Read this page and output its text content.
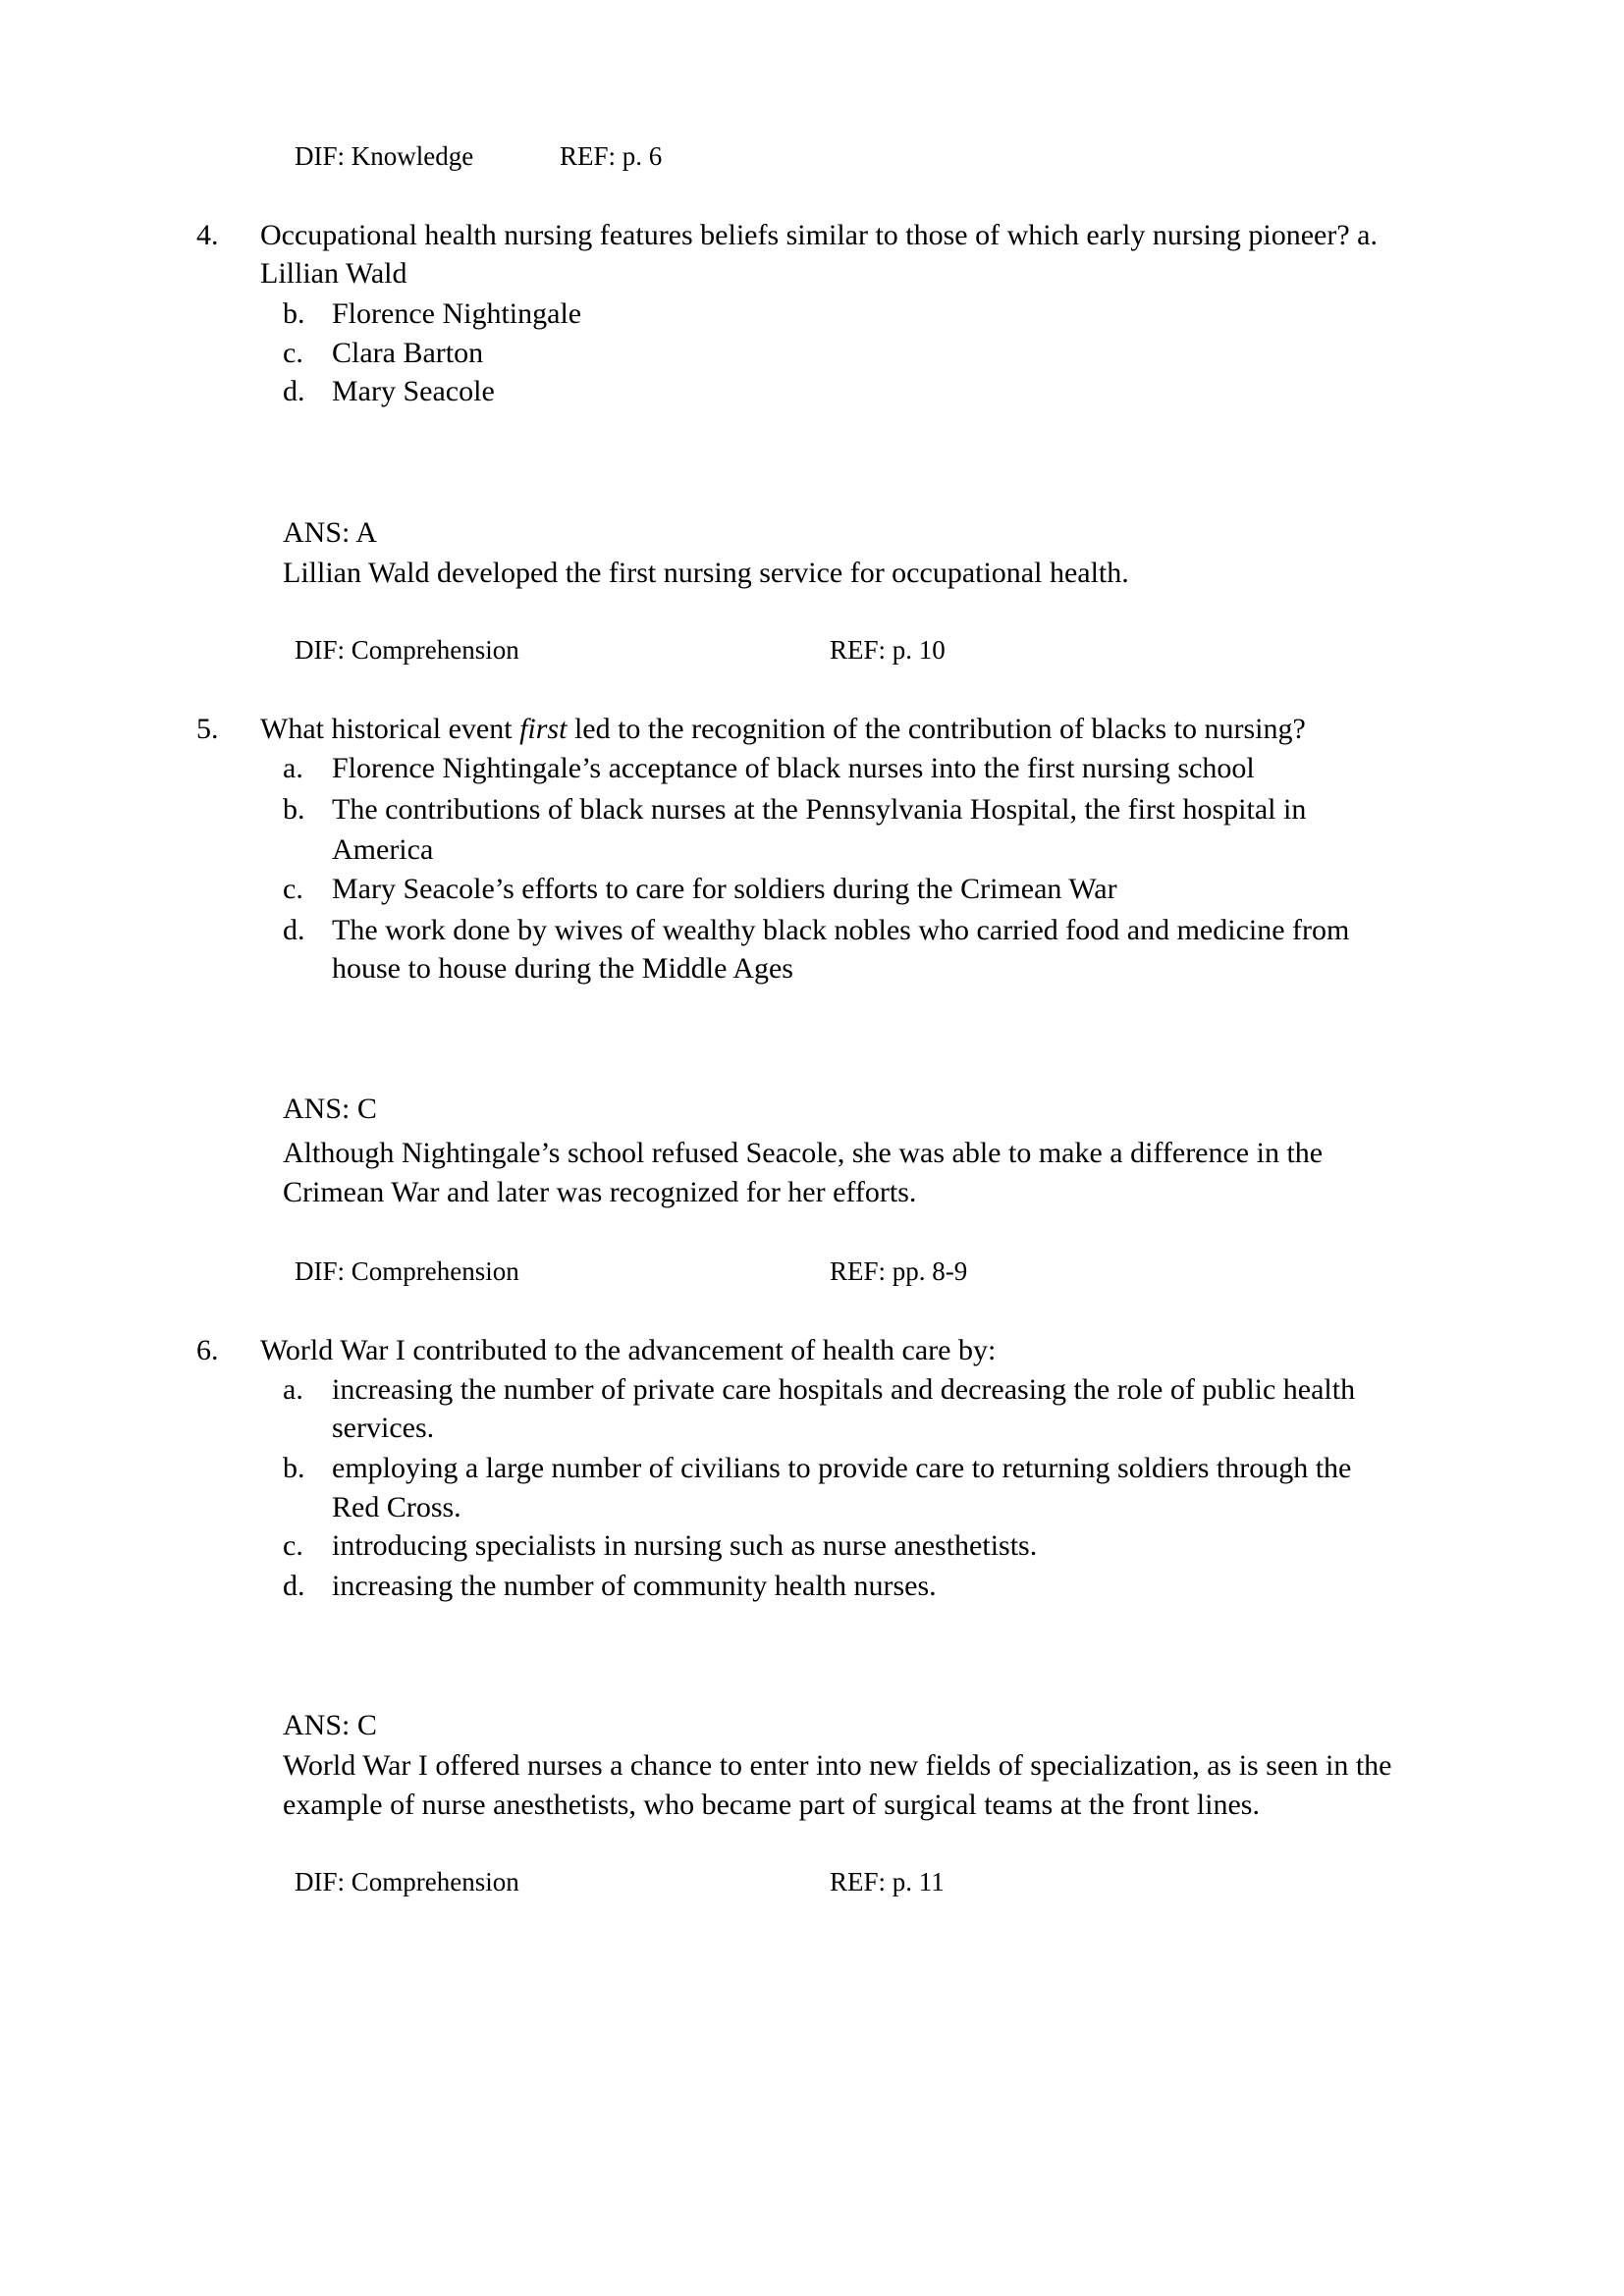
DIF: Knowledge	REF: p. 6
4. Occupational health nursing features beliefs similar to those of which early nursing pioneer? a.
Lillian Wald
b. Florence Nightingale
c. Clara Barton
d. Mary Seacole
ANS: A
Lillian Wald developed the first nursing service for occupational health.
DIF: Comprehension	REF: p. 10
5. What historical event first led to the recognition of the contribution of blacks to nursing?
a. Florence Nightingale’s acceptance of black nurses into the first nursing school
b. The contributions of black nurses at the Pennsylvania Hospital, the first hospital in
America
c. Mary Seacole’s efforts to care for soldiers during the Crimean War
d. The work done by wives of wealthy black nobles who carried food and medicine from
house to house during the Middle Ages
ANS: C
Although Nightingale’s school refused Seacole, she was able to make a difference in the
Crimean War and later was recognized for her efforts.
DIF: Comprehension	REF: pp. 8-9
6. World War I contributed to the advancement of health care by:
a. increasing the number of private care hospitals and decreasing the role of public health
services.
b. employing a large number of civilians to provide care to returning soldiers through the
Red Cross.
c. introducing specialists in nursing such as nurse anesthetists.
d. increasing the number of community health nurses.
ANS: C
World War I offered nurses a chance to enter into new fields of specialization, as is seen in the
example of nurse anesthetists, who became part of surgical teams at the front lines.
DIF: Comprehension	REF: p. 11
